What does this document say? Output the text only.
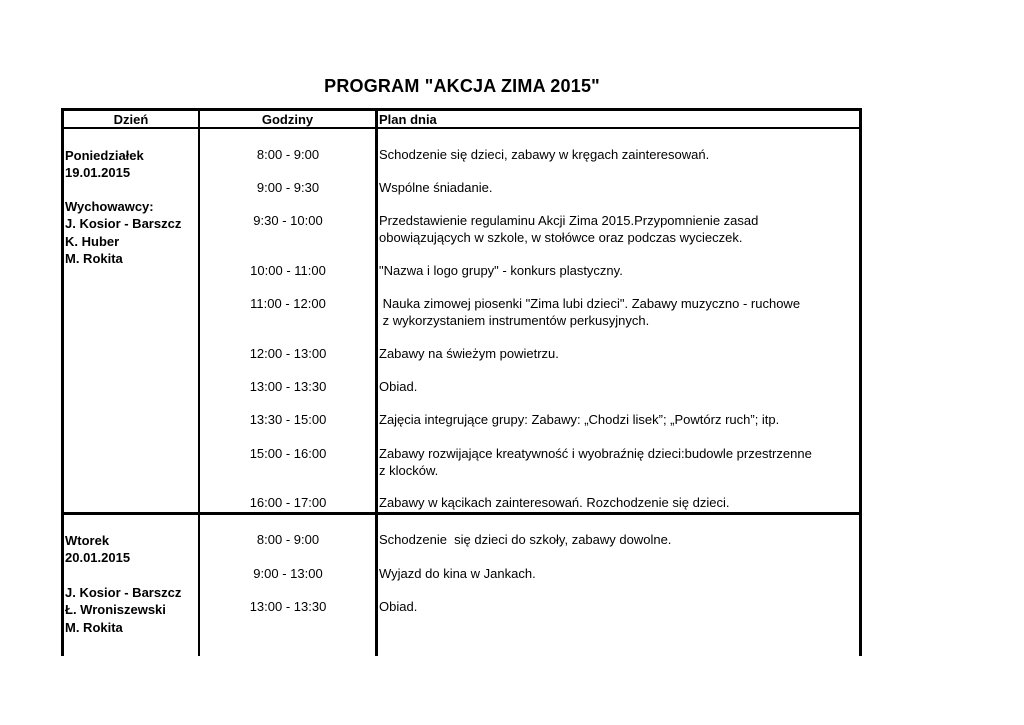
PROGRAM "AKCJA ZIMA 2015"
Dzień	Godziny	Plan dnia
Poniedziałek
19.01.2015
Wychowawcy:
J. Kosior - Barszcz
K. Huber
M. Rokita
8:00 - 9:00	Schodzenie się dzieci, zabawy w kręgach zainteresowań.
9:00 - 9:30	Wspólne śniadanie.
9:30 - 10:00	Przedstawienie regulaminu Akcji Zima 2015.Przypomnienie zasad
obowiązujących w szkole, w stołówce oraz podczas wycieczek.
10:00 - 11:00	"Nazwa i logo grupy" - konkurs plastyczny.
11:00 - 12:00	Nauka zimowej piosenki "Zima lubi dzieci". Zabawy muzyczno - ruchowe
z wykorzystaniem instrumentów perkusyjnych.
12:00 - 13:00	Zabawy na świeżym powietrzu.
13:00 - 13:30	Obiad.
13:30 - 15:00	Zajęcia integrujące grupy: Zabawy: „Chodzi lisek”; „Powtórz ruch”; itp.
15:00 - 16:00	Zabawy rozwijające kreatywność i wyobraźnię dzieci:budowle przestrzenne
z klocków.
16:00 - 17:00	Zabawy w kącikach zainteresowań. Rozchodzenie się dzieci.
Wtorek
20.01.2015
J. Kosior - Barszcz
Ł. Wroniszewski
M. Rokita
8:00 - 9:00	Schodzenie  się dzieci do szkoły, zabawy dowolne.
9:00 - 13:00	Wyjazd do kina w Jankach.
13:00 - 13:30	Obiad.
